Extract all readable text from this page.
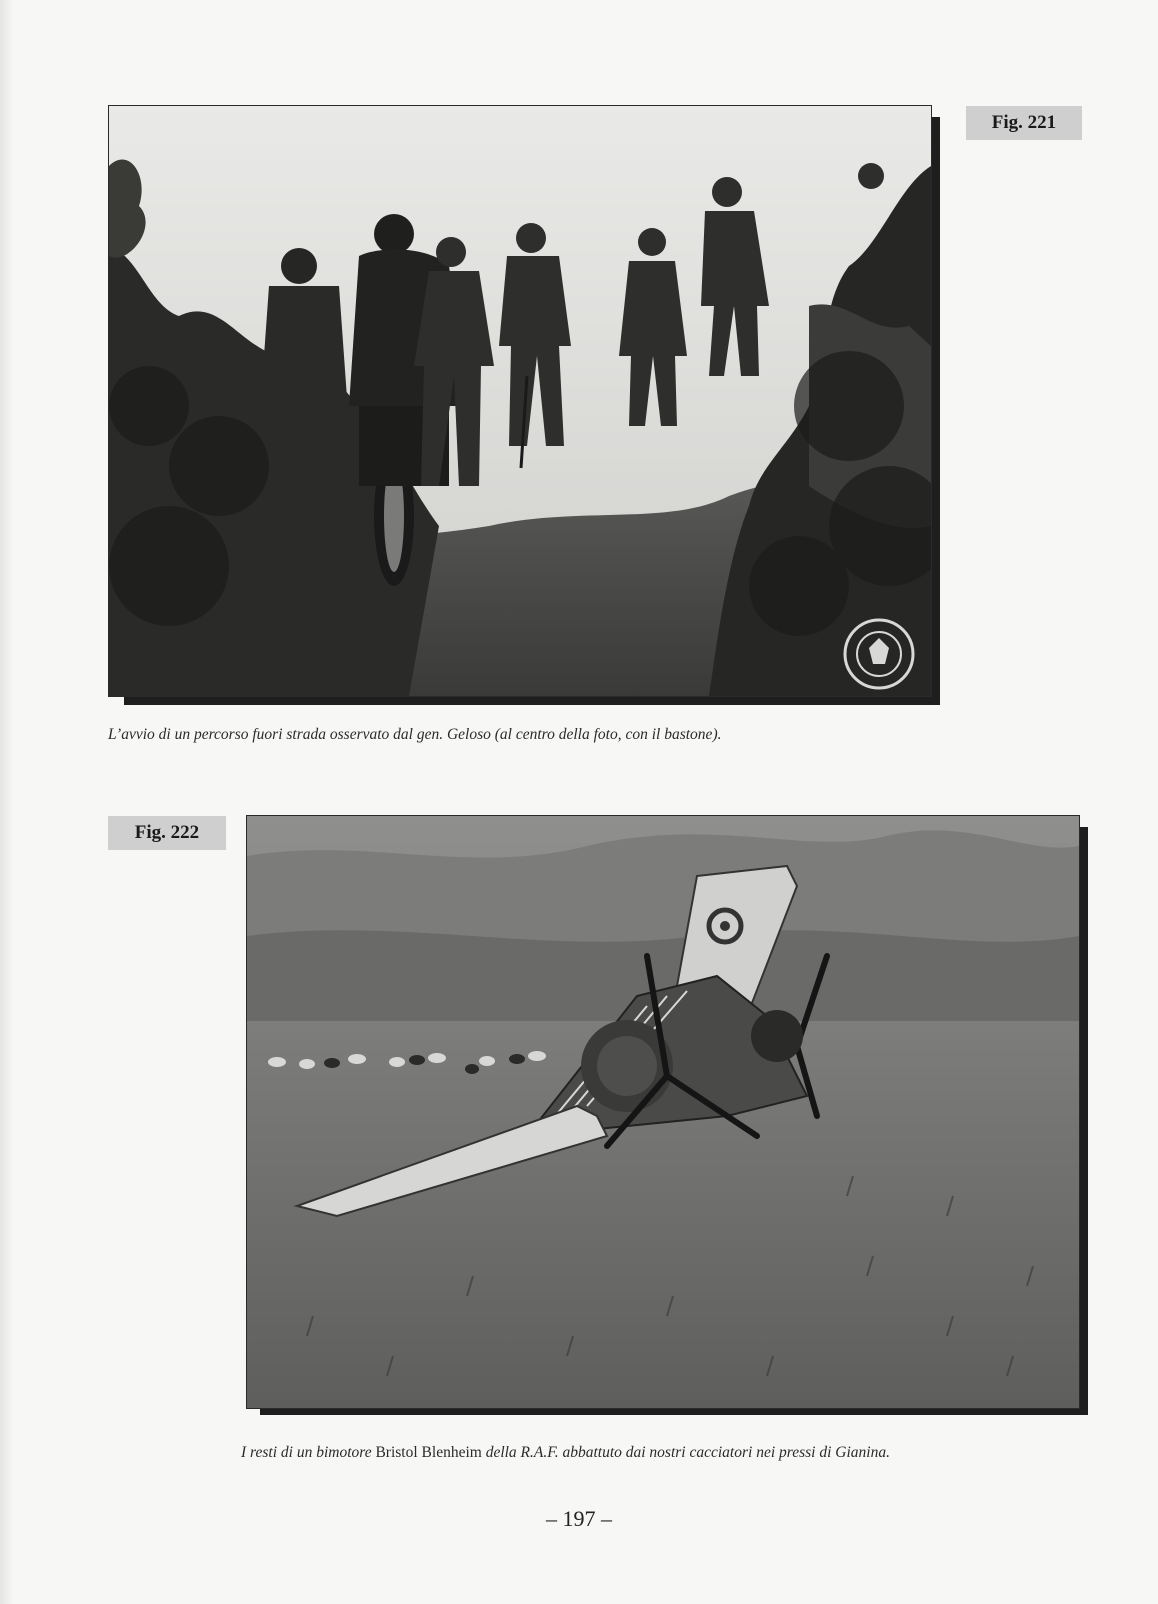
Fig. 221
L’avvio di un percorso fuori strada osservato dal gen. Geloso (al centro della foto, con il bastone).
Fig. 222
I resti di un bimotore Bristol Blenheim della R.A.F. abbattuto dai nostri cacciatori nei pressi di Gianina.
– 197 –
